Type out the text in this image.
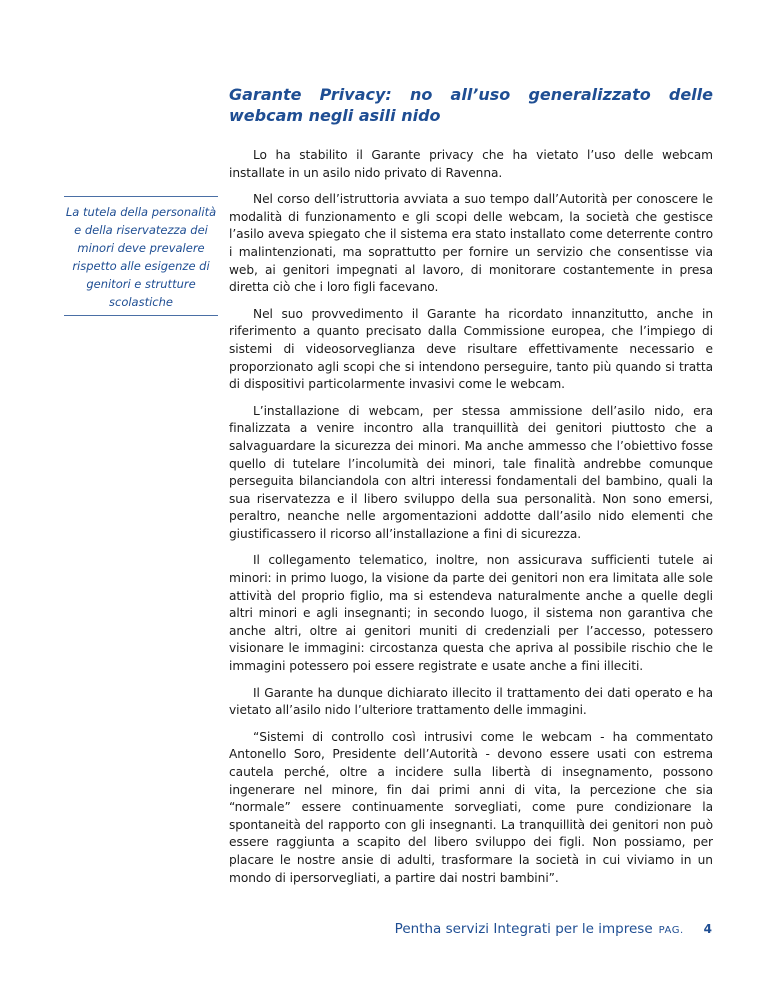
Garante Privacy: no all’uso generalizzato delle webcam negli asili nido

La tutela della personalità e della riservatezza dei minori deve prevalere rispetto alle esigenze di genitori e strutture scolastiche

Lo ha stabilito il Garante privacy che ha vietato l’uso delle webcam installate in un asilo nido privato di Ravenna.

Nel corso dell’istruttoria avviata a suo tempo dall’Autorità per conoscere le modalità di funzionamento e gli scopi delle webcam, la società che gestisce l’asilo aveva spiegato che il sistema era stato installato come deterrente contro i malintenzionati, ma soprattutto per fornire un servizio che consentisse via web, ai genitori impegnati al lavoro, di monitorare costantemente in presa diretta ciò che i loro figli facevano.

Nel suo provvedimento il Garante ha ricordato innanzitutto, anche in riferimento a quanto precisato dalla Commissione europea, che l’impiego di sistemi di videosorveglianza deve risultare effettivamente necessario e proporzionato agli scopi che si intendono perseguire, tanto più quando si tratta di dispositivi particolarmente invasivi come le webcam.

L’installazione di webcam, per stessa ammissione dell’asilo nido, era finalizzata a venire incontro alla tranquillità dei genitori piuttosto che a salvaguardare la sicurezza dei minori. Ma anche ammesso che l’obiettivo fosse quello di tutelare l’incolumità dei minori, tale finalità andrebbe comunque perseguita bilanciandola con altri interessi fondamentali del bambino, quali la sua riservatezza e il libero sviluppo della sua personalità. Non sono emersi, peraltro, neanche nelle argomentazioni addotte dall’asilo nido elementi che giustificassero il ricorso all’installazione a fini di sicurezza.

Il collegamento telematico, inoltre, non assicurava sufficienti tutele ai minori: in primo luogo, la visione da parte dei genitori non era limitata alle sole attività del proprio figlio, ma si estendeva naturalmente anche a quelle degli altri minori e agli insegnanti; in secondo luogo, il sistema non garantiva che anche altri, oltre ai genitori muniti di credenziali per l’accesso, potessero visionare le immagini: circostanza questa che apriva al possibile rischio che le immagini potessero poi essere registrate e usate anche a fini illeciti.

Il Garante ha dunque dichiarato illecito il trattamento dei dati operato e ha vietato all’asilo nido l’ulteriore trattamento delle immagini.

“Sistemi di controllo così intrusivi come le webcam - ha commentato Antonello Soro, Presidente dell’Autorità - devono essere usati con estrema cautela perché, oltre a incidere sulla libertà di insegnamento, possono ingenerare nel minore, fin dai primi anni di vita, la percezione che sia “normale” essere continuamente sorvegliati, come pure condizionare la spontaneità del rapporto con gli insegnanti. La tranquillità dei genitori non può essere raggiunta a scapito del libero sviluppo dei figli. Non possiamo, per placare le nostre ansie di adulti, trasformare la società in cui viviamo in un mondo di ipersorvegliati, a partire dai nostri bambini”.

Pentha servizi Integrati per le imprese PAG. 4
